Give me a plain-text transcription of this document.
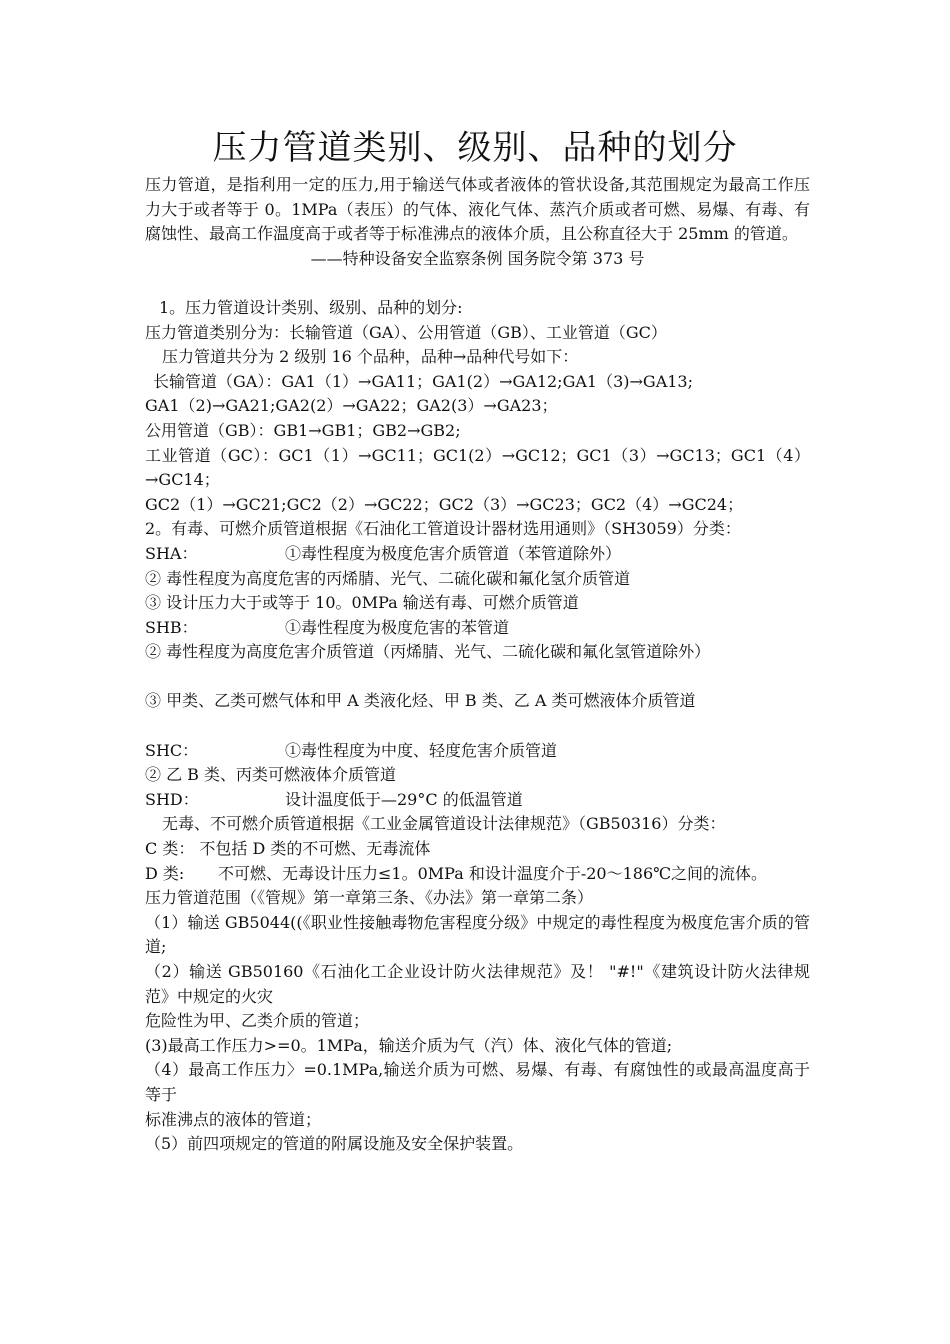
压力管道类别、级别、品种的划分

压力管道，是指利用一定的压力,用于输送气体或者液体的管状设备,其范围规定为最高工作压力大于或者等于 0。1MPa（表压）的气体、液化气体、蒸汽介质或者可燃、易爆、有毒、有腐蚀性、最高工作温度高于或者等于标准沸点的液体介质，且公称直径大于 25mm 的管道。

——特种设备安全监察条例 国务院令第 373 号

1。压力管道设计类别、级别、品种的划分:

压力管道类别分为：长输管道（GA）、公用管道（GB）、工业管道（GC）

压力管道共分为 2 级别 16 个品种，品种→品种代号如下：

长输管道（GA）：GA1（1）→GA11；GA1(2）→GA12;GA1（3)→GA13;

GA1（2)→GA21;GA2(2）→GA22；GA2(3）→GA23；

公用管道（GB）：GB1→GB1；GB2→GB2;

工业管道（GC）：GC1（1）→GC11；GC1(2）→GC12；GC1（3）→GC13；GC1（4）→GC14；

GC2（1）→GC21;GC2（2）→GC22；GC2（3）→GC23；GC2（4）→GC24；

2。有毒、可燃介质管道根据《石油化工管道设计器材选用通则》（SH3059）分类：

SHA：	①毒性程度为极度危害介质管道（苯管道除外）

② 毒性程度为高度危害的丙烯腈、光气、二硫化碳和氟化氢介质管道

③ 设计压力大于或等于 10。0MPa 输送有毒、可燃介质管道

SHB：	①毒性程度为极度危害的苯管道

② 毒性程度为高度危害介质管道（丙烯腈、光气、二硫化碳和氟化氢管道除外）

③ 甲类、乙类可燃气体和甲 A 类液化烃、甲 B 类、乙 A 类可燃液体介质管道

SHC：	①毒性程度为中度、轻度危害介质管道

② 乙 B 类、丙类可燃液体介质管道

SHD：	设计温度低于—29°C 的低温管道

无毒、不可燃介质管道根据《工业金属管道设计法律规范》（GB50316）分类：

C 类： 不包括 D 类的不可燃、无毒流体

D 类: 不可燃、无毒设计压力≤1。0MPa 和设计温度介于-20～186℃之间的流体。

压力管道范围（《管规》第一章第三条、《办法》第一章第二条）

（1）输送 GB5044((《职业性接触毒物危害程度分级》中规定的毒性程度为极度危害介质的管道;

（2）输送 GB50160《石油化工企业设计防火法律规范》及！ "#!"《建筑设计防火法律规范》中规定的火灾

危险性为甲、乙类介质的管道；

(3)最高工作压力>=0。1MPa，输送介质为气（汽）体、液化气体的管道;

（4）最高工作压力〉=0.1MPa,输送介质为可燃、易爆、有毒、有腐蚀性的或最高温度高于等于

标准沸点的液体的管道；

（5）前四项规定的管道的附属设施及安全保护装置。
